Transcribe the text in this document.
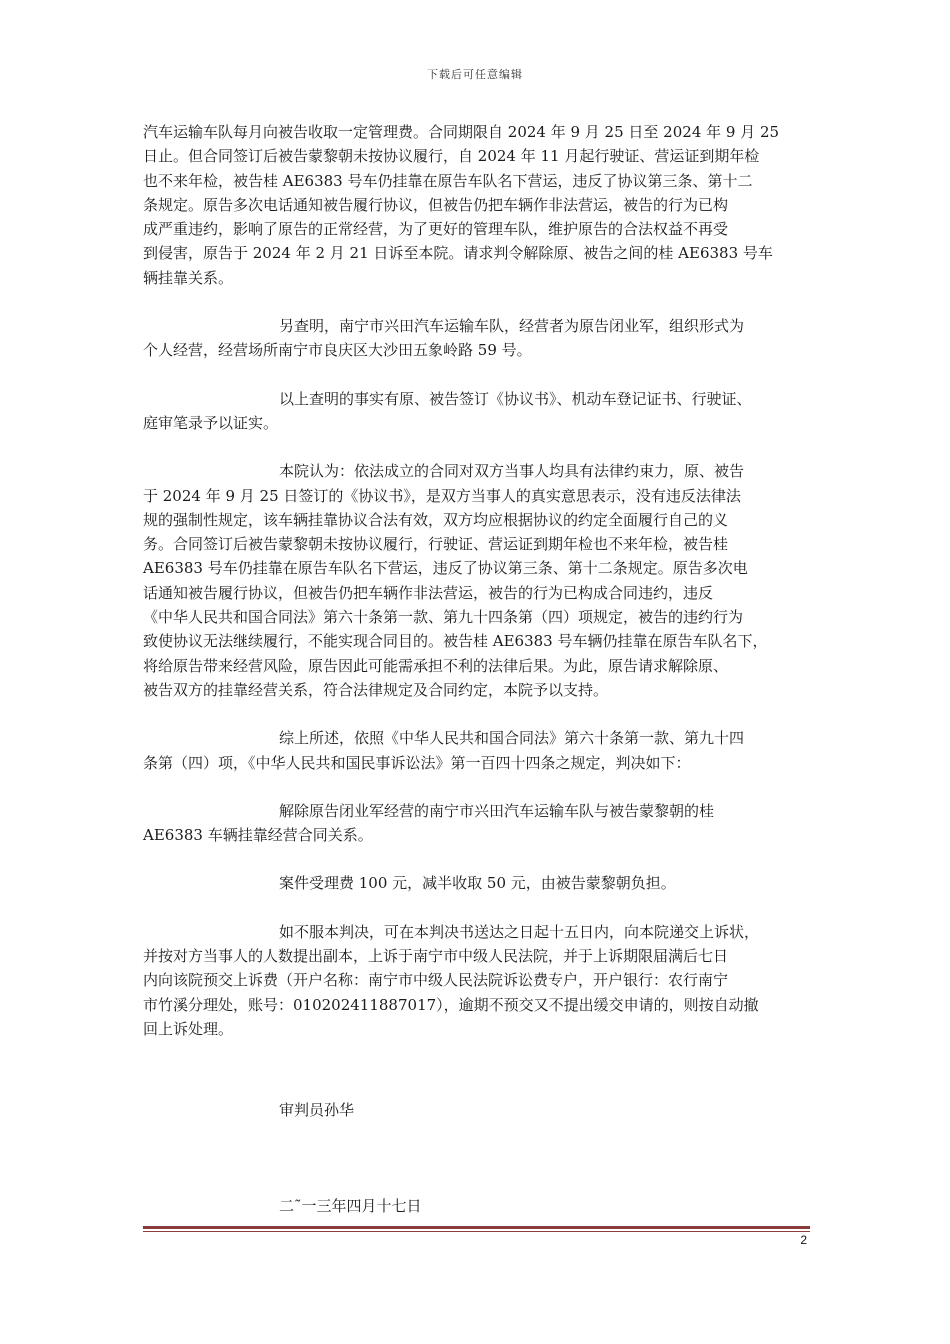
下载后可任意编辑

汽车运输车队每月向被告收取一定管理费。合同期限自 2024 年 9 月 25 日至 2024 年 9 月 25
日止。但合同签订后被告蒙黎朝未按协议履行，自 2024 年 11 月起行驶证、营运证到期年检
也不来年检，被告桂 AE6383 号车仍挂靠在原告车队名下营运，违反了协议第三条、第十二
条规定。原告多次电话通知被告履行协议，但被告仍把车辆作非法营运，被告的行为已构
成严重违约，影响了原告的正常经营，为了更好的管理车队，维护原告的合法权益不再受
到侵害，原告于 2024 年 2 月 21 日诉至本院。请求判令解除原、被告之间的桂 AE6383 号车
辆挂靠关系。

另查明，南宁市兴田汽车运输车队，经营者为原告闭业军，组织形式为
个人经营，经营场所南宁市良庆区大沙田五象岭路 59 号。

以上查明的事实有原、被告签订《协议书》、机动车登记证书、行驶证、
庭审笔录予以证实。

本院认为：依法成立的合同对双方当事人均具有法律约束力，原、被告
于 2024 年 9 月 25 日签订的《协议书》，是双方当事人的真实意思表示，没有违反法律法
规的强制性规定，该车辆挂靠协议合法有效，双方均应根据协议的约定全面履行自己的义
务。合同签订后被告蒙黎朝未按协议履行，行驶证、营运证到期年检也不来年检，被告桂
AE6383 号车仍挂靠在原告车队名下营运，违反了协议第三条、第十二条规定。原告多次电
话通知被告履行协议，但被告仍把车辆作非法营运，被告的行为已构成合同违约，违反
《中华人民共和国合同法》第六十条第一款、第九十四条第（四）项规定，被告的违约行为
致使协议无法继续履行，不能实现合同目的。被告桂 AE6383 号车辆仍挂靠在原告车队名下，
将给原告带来经营风险，原告因此可能需承担不利的法律后果。为此，原告请求解除原、
被告双方的挂靠经营关系，符合法律规定及合同约定，本院予以支持。

综上所述，依照《中华人民共和国合同法》第六十条第一款、第九十四
条第（四）项，《中华人民共和国民事诉讼法》第一百四十四条之规定，判决如下：

解除原告闭业军经营的南宁市兴田汽车运输车队与被告蒙黎朝的桂
AE6383 车辆挂靠经营合同关系。

案件受理费 100 元，减半收取 50 元，由被告蒙黎朝负担。

如不服本判决，可在本判决书送达之日起十五日内，向本院递交上诉状，
并按对方当事人的人数提出副本，上诉于南宁市中级人民法院，并于上诉期限届满后七日
内向该院预交上诉费（开户名称：南宁市中级人民法院诉讼费专户，开户银行：农行南宁
市竹溪分理处，账号：010202411887017），逾期不预交又不提出缓交申请的，则按自动撤
回上诉处理。

审判员孙华
二˜一三年四月十七日
2
